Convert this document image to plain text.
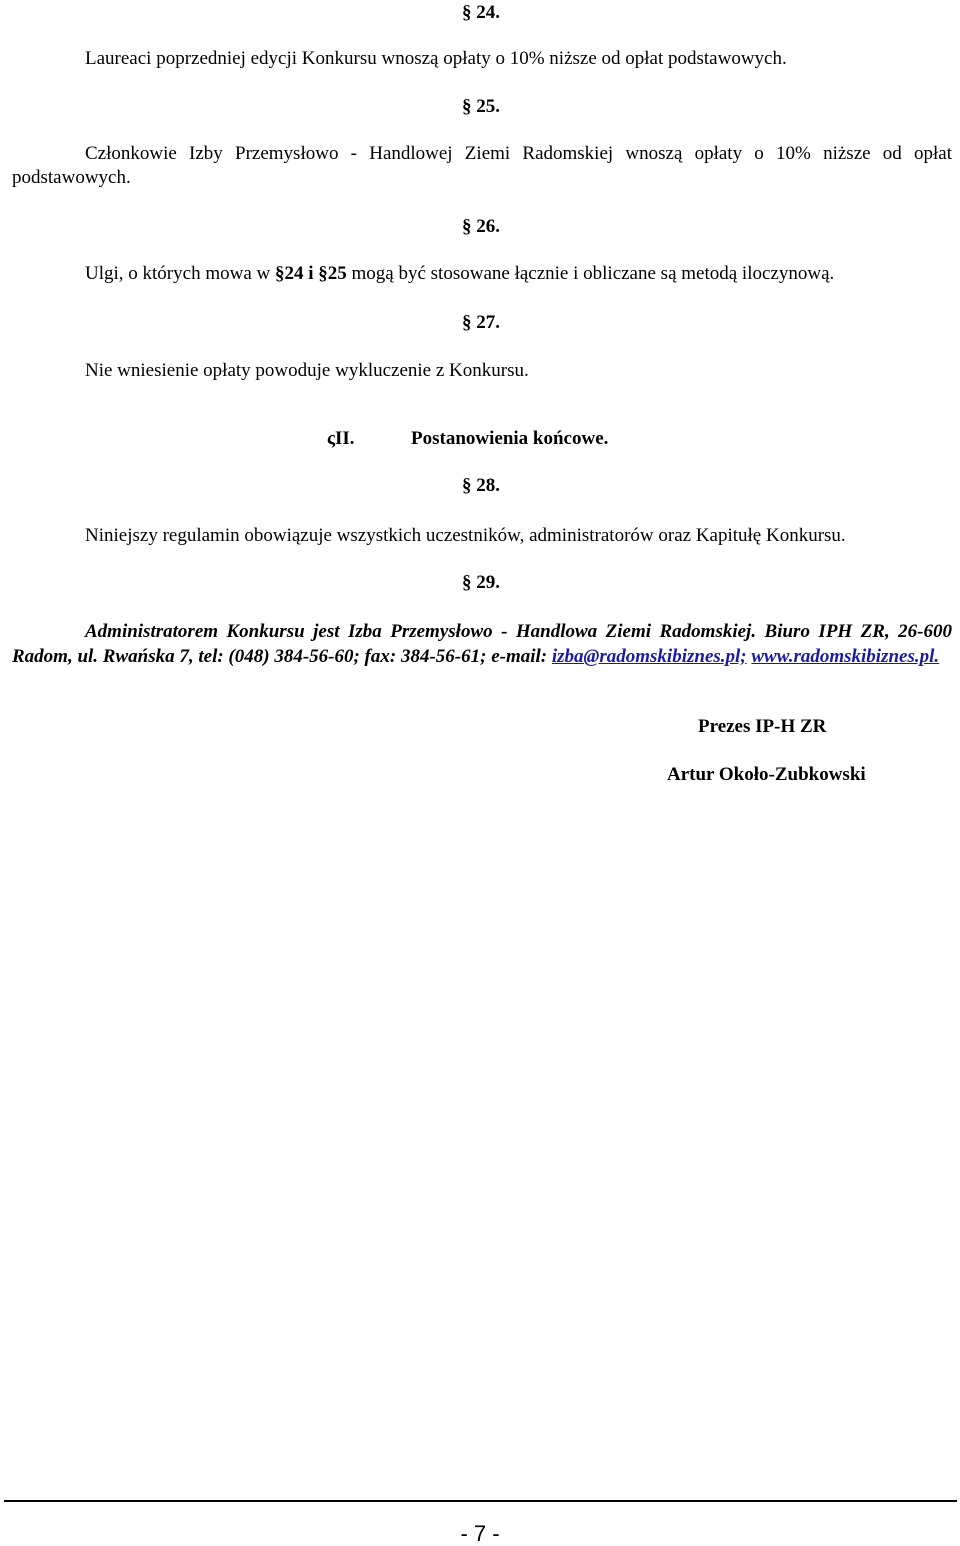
§ 24.
Laureaci poprzedniej edycji Konkursu wnoszą opłaty o 10% niższe od opłat podstawowych.
§ 25.
Członkowie Izby Przemysłowo - Handlowej Ziemi Radomskiej wnoszą opłaty o 10% niższe od opłat podstawowych.
§ 26.
Ulgi, o których mowa w §24 i §25 mogą być stosowane łącznie i obliczane są metodą iloczynową.
§ 27.
Nie wniesienie opłaty powoduje wykluczenie z Konkursu.
ςII.	Postanowienia końcowe.
§ 28.
Niniejszy regulamin obowiązuje wszystkich uczestników, administratorów oraz Kapitułę Konkursu.
§ 29.
Administratorem Konkursu jest Izba Przemysłowo - Handlowa Ziemi Radomskiej. Biuro IPH ZR, 26-600 Radom, ul. Rwańska 7, tel: (048) 384-56-60; fax: 384-56-61; e-mail: izba@radomskibiznes.pl; www.radomskibiznes.pl.
Prezes IP-H ZR
Artur Około-Zubkowski
- 7 -
